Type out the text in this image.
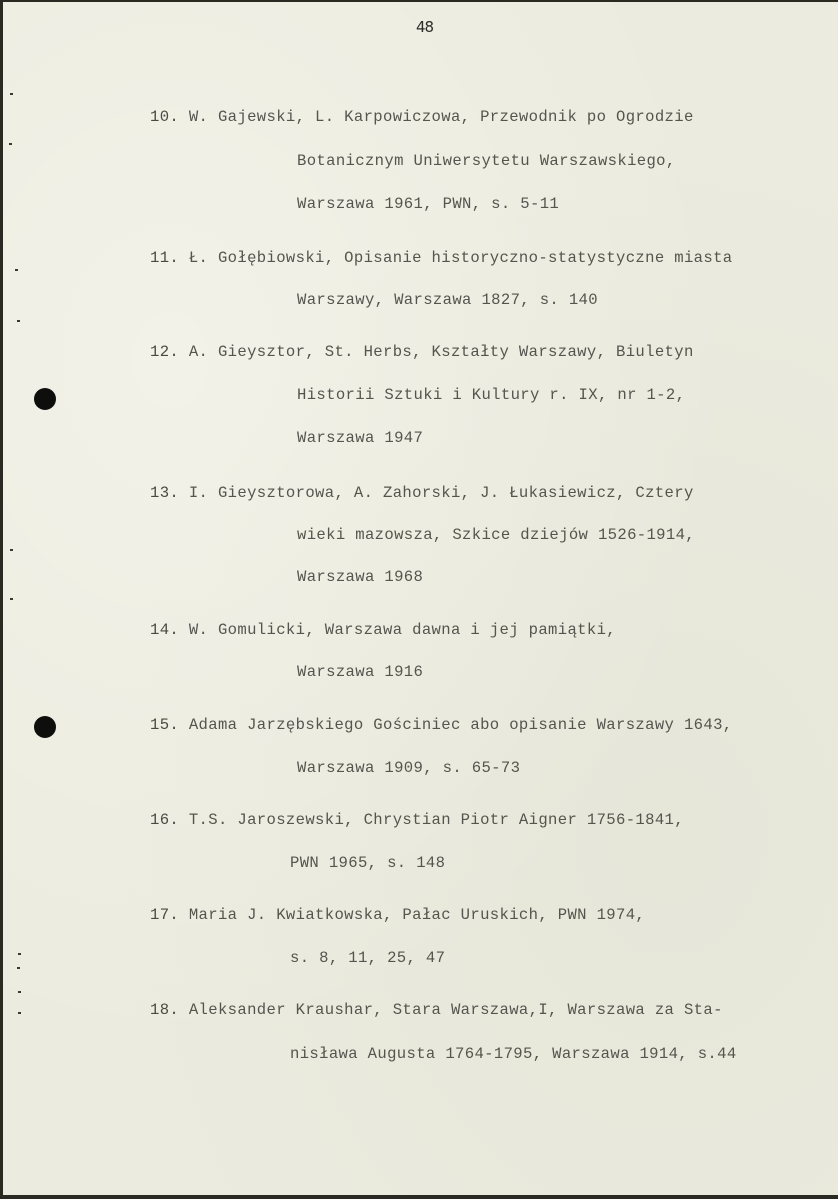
48
10. W. Gajewski, L. Karpowiczowa, Przewodnik po Ogrodzie
Botanicznym Uniwersytetu Warszawskiego,
Warszawa 1961, PWN, s. 5-11
11. Ł. Gołębiowski, Opisanie historyczno-statystyczne miasta
Warszawy, Warszawa 1827, s. 140
12. A. Gieysztor, St. Herbs, Kształty Warszawy, Biuletyn
Historii Sztuki i Kultury r. IX, nr 1-2,
Warszawa 1947
13. I. Gieysztorowa, A. Zahorski, J. Łukasiewicz, Cztery
wieki mazowsza, Szkice dziejów 1526-1914,
Warszawa 1968
14. W. Gomulicki, Warszawa dawna i jej pamiątki,
Warszawa 1916
15. Adama Jarzębskiego Gościniec abo opisanie Warszawy 1643,
Warszawa 1909, s. 65-73
16. T.S. Jaroszewski, Chrystian Piotr Aigner 1756-1841,
PWN 1965, s. 148
17. Maria J. Kwiatkowska, Pałac Uruskich, PWN 1974,
s. 8, 11, 25, 47
18. Aleksander Kraushar, Stara Warszawa,I, Warszawa za Sta-
nisława Augusta 1764-1795, Warszawa 1914, s.44
